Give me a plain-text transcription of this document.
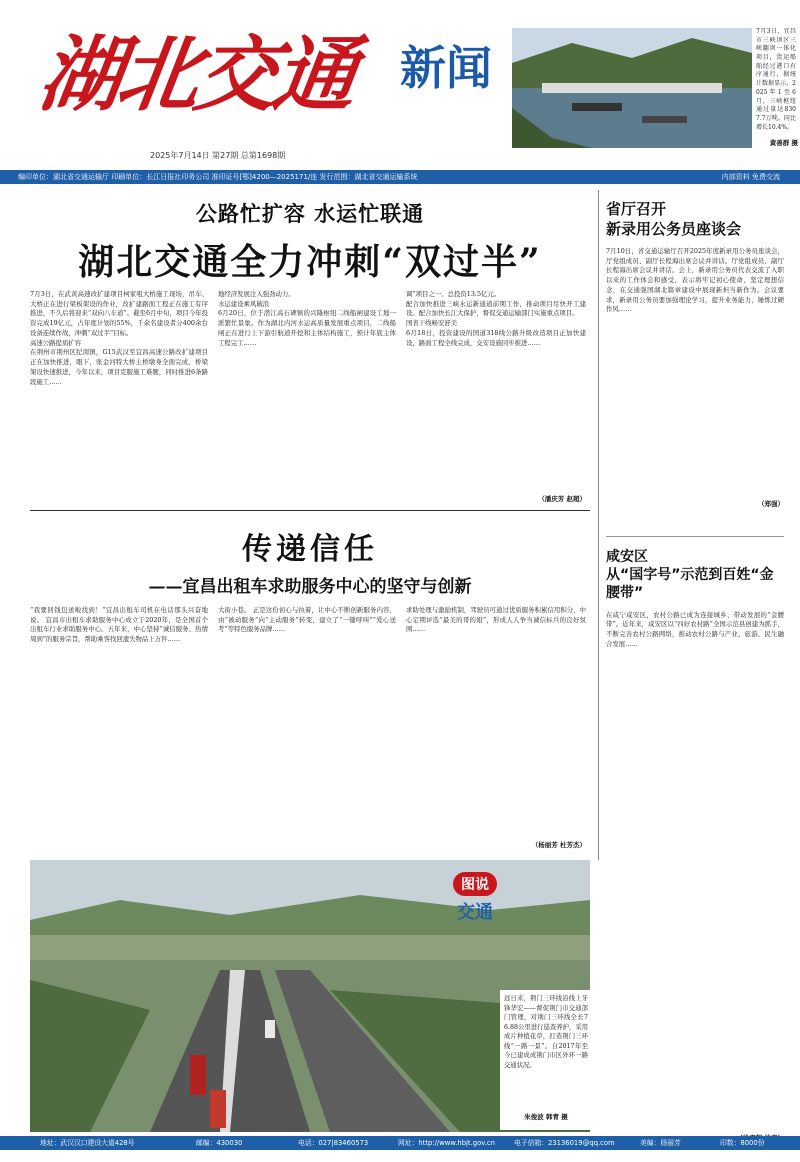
湖北交通 新闻
2025年7月14日 第27期 总第1698期
7月3日，宜昌市三峡坝区三峡翻坝一体化项目，货运船舶经过港口有序通行，据统计数据显示，2025年1至6月，三峡枢纽通过量达8307.7万吨，同比增长10.4%。
黄善群 摄
编印单位：湖北省交通运输厅 印刷单位：长江日报社印务公司 准印证号[鄂]4200—2025171/连 发行范围：湖北省交通运输系统	内部资料 免费交流
公路忙扩容 水运忙联通
湖北交通全力冲刺“双过半”
7月3日，在武黄高速改扩建项目柯家咀大桥施工现场，吊车、大桥正在进行梁板架设的作业，改扩建路面工程正在施工有序推进，不久后将迎来“双向八车道”。截至6月中旬，项目今年投资完成19亿元，占年度计划的55%，千余名建设者分400余台设备连续作战，冲刺“双过半”目标。
高速公路提质扩容
在荆州市荆州区纪南镇，G15武汉至宜昌高速公路改扩建项目正在加快推进，眼下，张金河特大桥主桥墩身全面完成，桥梁架设快速推进，今年以来，项目克服施工难题，同时推进6条路段施工……
地经济发展注入强劲动力。
水运建设乘风破浪
6月20日，位于潜江高石碑镇的兴隆枢纽二线船闸建设工地一派繁忙景象。作为湖北内河水运高质量发展重点项目，二线船闸正在进行上下游引航道开挖和主体结构施工，预计年底主体工程完工……
调”项目之一。总投资13.5亿元。
配合加快推进三峡水运新通道前期工作，推动项目尽快开工建设。配合加快长江大保护，督促交通运输部门实施重点项目。
国省干线畅安舒美
6月18日，投资建设的国道318线公路升级改造项目正加快建设，路面工程全线完成，交安设施同步推进……
（潘庆芳 赵超）
传递信任
——宜昌出租车求助服务中心的坚守与创新
“我要回钱包送啦找到！”宜昌出租车司机在电话那头兴奋地说。 宜昌市出租车求助服务中心成立于2020年，是全国首个出租车行业求助服务中心。五年来，中心坚持“诚信服务、热情周到”的服务宗旨，帮助乘客找回遗失物品上万件……
大街小巷。 正是这份初心与执着，让中心不断创新服务内容，由“被动服务”向“主动服务”转变，建立了“一键呼叫”“爱心送考”等特色服务品牌……
求助处理与激励机制，驾驶员可通过优质服务积累信用积分，中心定期评选“最美的哥的姐”，形成人人争当诚信标兵的良好氛围……
（杨丽芳 杜芳杰）
省厅召开
新录用公务员座谈会
7月10日，省交通运输厅召开2025年度新录用公务员座谈会，厅党组成员、副厅长程海出席会议并讲话。厅党组成员、副厅长程海出席会议并讲话。会上，新录用公务员代表交流了入职以来的工作体会和感受，表示将牢记初心使命，坚定理想信念，在交通强国湖北篇章建设中展现新担当新作为。会议要求，新录用公务员要加强理论学习，提升业务能力，锤炼过硬作风……
（郑强）
咸安区
从“国字号”示范到百姓“金腰带”
在咸宁咸安区，农村公路已成为连接城乡、带动发展的“金腰带”。近年来，咸安区以“四好农村路”全国示范县创建为抓手，不断完善农村公路网络，推动农村公路与产业、旅游、民生融合发展……
图说
交通
远日来，荆门三环线沿线上牙锋华宏——督促荆门市交通部门管理，对荆门三环线全长76.88公里进行巡查养护，采用成片种植花草，打造荆门三环线“一路一景”。自2017年至今已建成成荆门市区外环一路交通状况。
朱俊波 韩青 摄
地址：武汉汉口建设大道428号	邮编：430030	电话：027|83460573	网址：http://www.hbjt.gov.cn	电子信箱：23136019@qq.com	美编：杨丽芳	印数：8000份
